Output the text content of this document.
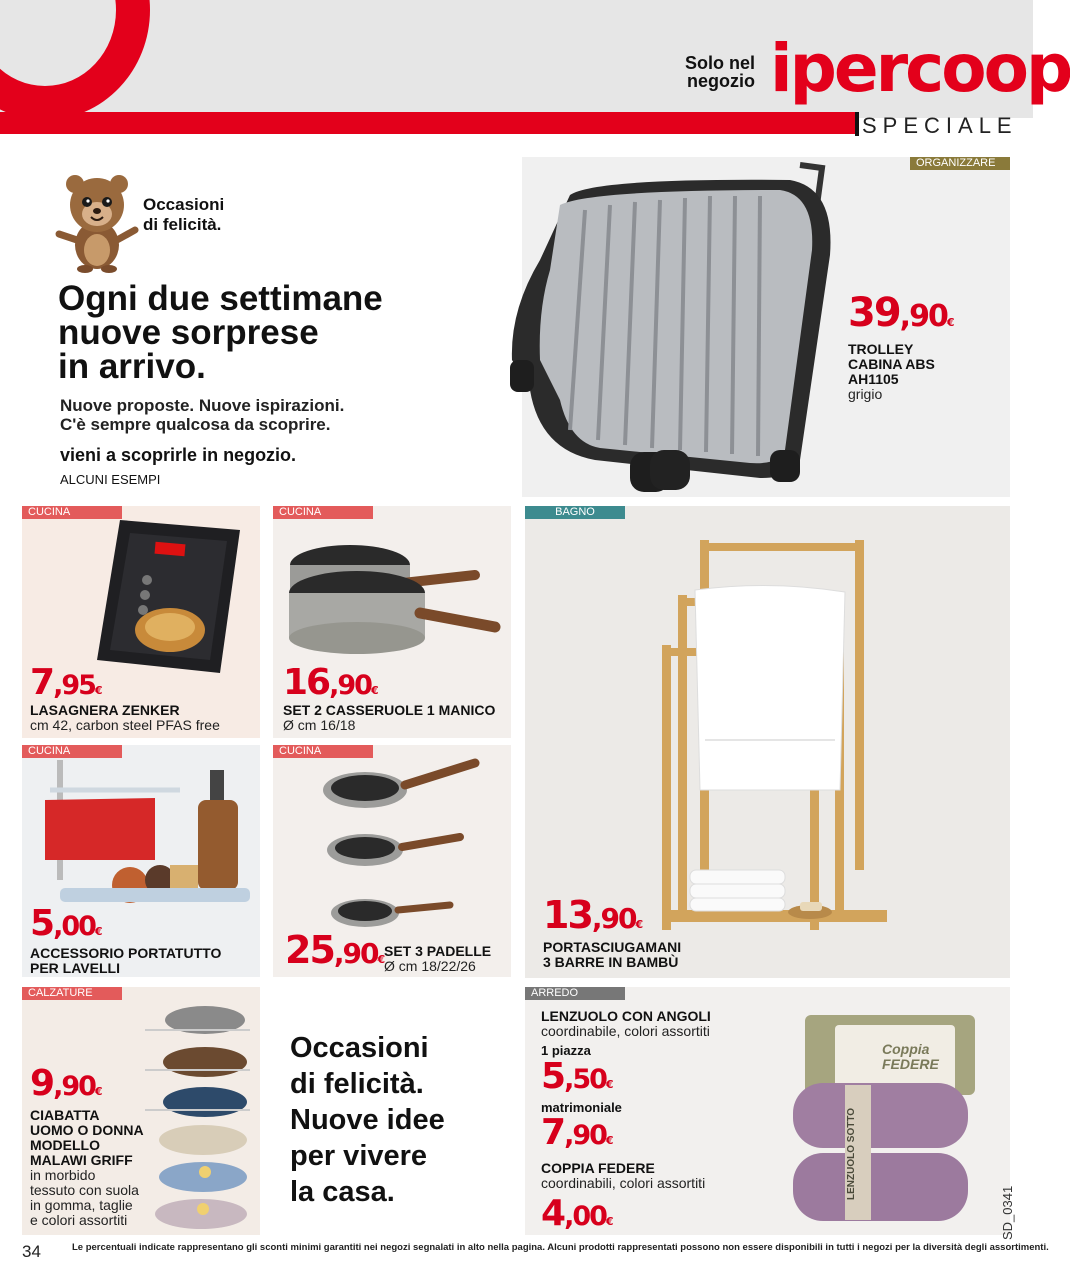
Solo nel
negozio ipercoop
SPECIALE
Occasioni
di felicità.
Ogni due settimane
nuove sorprese
in arrivo.
Nuove proposte. Nuove ispirazioni.
C'è sempre qualcosa da scoprire.
vieni a scoprirle in negozio.
ALCUNI ESEMPI
ORGANIZZARE
39,90€
TROLLEY
CABINA ABS
AH1105
grigio
CUCINA
7,95€
LASAGNERA ZENKER
cm 42, carbon steel PFAS free
CUCINA
16,90€
SET 2 CASSERUOLE 1 MANICO
Ø cm 16/18
BAGNO
13,90€
PORTASCIUGAMANI
3 BARRE IN BAMBÙ
CUCINA
5,00€
ACCESSORIO PORTATUTTO
PER LAVELLI
CUCINA
25,90€
SET 3 PADELLE
Ø cm 18/22/26
CALZATURE
9,90€
CIABATTA
UOMO O DONNA
MODELLO
MALAWI GRIFF
in morbido
tessuto con suola
in gomma, taglie
e colori assortiti
Occasioni
di felicità.
Nuove idee
per vivere
la casa.
ARREDO
Coppia
FEDERE
LENZUOLO SOTTO
LENZUOLO CON ANGOLI
coordinabile, colori assortiti
1 piazza
5,50€
matrimoniale
7,90€
COPPIA FEDERE
coordinabili, colori assortiti
4,00€	SD_0341
34	Le percentuali indicate rappresentano gli sconti minimi garantiti nei negozi segnalati in alto nella pagina. Alcuni prodotti rappresentati possono non essere disponibili in tutti i negozi per la diversità degli assortimenti.
